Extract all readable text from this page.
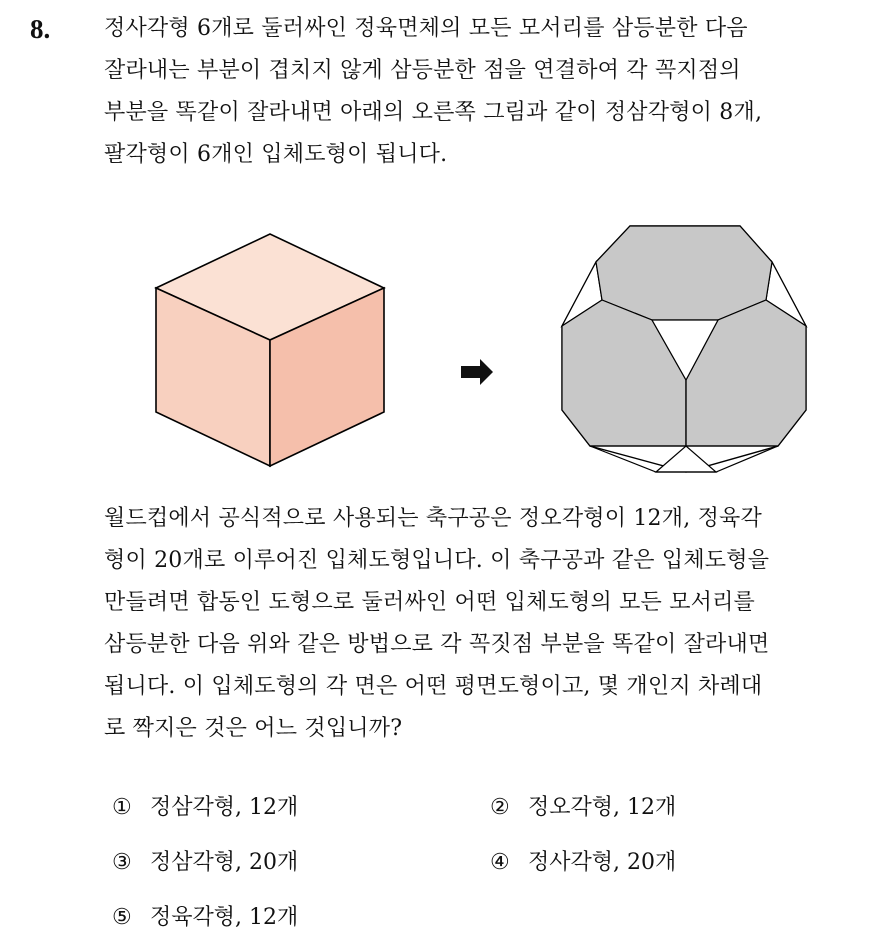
8. 정사각형 6개로 둘러싸인 정육면체의 모든 모서리를 삼등분한 다음
잘라내는 부분이 겹치지 않게 삼등분한 점을 연결하여 각 꼭지점의
부분을 똑같이 잘라내면 아래의 오른쪽 그림과 같이 정삼각형이 8개,
팔각형이 6개인 입체도형이 됩니다.

월드컵에서 공식적으로 사용되는 축구공은 정오각형이 12개, 정육각
형이 20개로 이루어진 입체도형입니다. 이 축구공과 같은 입체도형을
만들려면 합동인 도형으로 둘러싸인 어떤 입체도형의 모든 모서리를
삼등분한 다음 위와 같은 방법으로 각 꼭짓점 부분을 똑같이 잘라내면
됩니다. 이 입체도형의 각 면은 어떤 평면도형이고, 몇 개인지 차례대
로 짝지은 것은 어느 것입니까?

① 정삼각형, 12개	② 정오각형, 12개
③ 정삼각형, 20개	④ 정사각형, 20개
⑤ 정육각형, 12개
